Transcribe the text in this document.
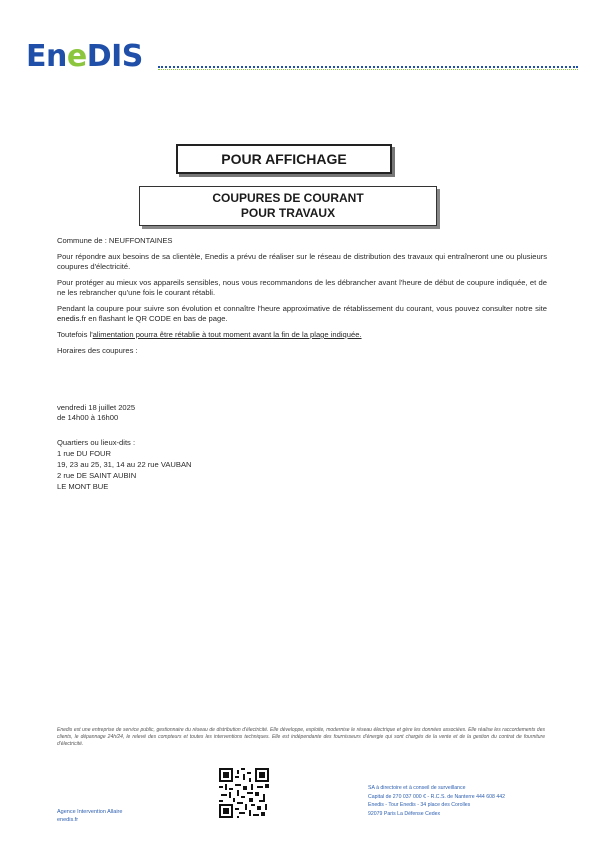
EneDIS
POUR AFFICHAGE
COUPURES DE COURANT
POUR TRAVAUX

Commune de : NEUFFONTAINES

Pour répondre aux besoins de sa clientèle, Enedis a prévu de réaliser sur le réseau de distribution des travaux qui entraîneront une ou plusieurs coupures d'électricité.

Pour protéger au mieux vos appareils sensibles, nous vous recommandons de les débrancher avant l'heure de début de coupure indiquée, et de ne les rebrancher qu'une fois le courant rétabli.

Pendant la coupure pour suivre son évolution et connaître l'heure approximative de rétablissement du courant, vous pouvez consulter notre site enedis.fr en flashant le QR CODE en bas de page.

Toutefois l'alimentation pourra être rétablie à tout moment avant la fin de la plage indiquée.

Horaires des coupures :

vendredi 18 juillet 2025
de 14h00 à 16h00
Quartiers ou lieux-dits :
1 rue DU FOUR
19, 23 au 25, 31, 14 au 22 rue VAUBAN
2 rue DE SAINT AUBIN
LE MONT BUE
Enedis est une entreprise de service public, gestionnaire du réseau de distribution d'électricité. Elle développe, exploite, modernise le réseau électrique et gère les données associées. Elle réalise les raccordements des clients, le dépannage 24h/24, le relevé des compteurs et toutes les interventions techniques. Elle est indépendante des fournisseurs d'énergie qui sont chargés de la vente et de la gestion du contrat de fourniture d'électricité.
Agence Intervention Allaire
enedis.fr
SA à directoire et à conseil de surveillance
Capital de 270 037 000 € - R.C.S. de Nanterre 444 608 442
Enedis - Tour Enedis - 34 place des Corolles
92079 Paris La Défense Cedex
